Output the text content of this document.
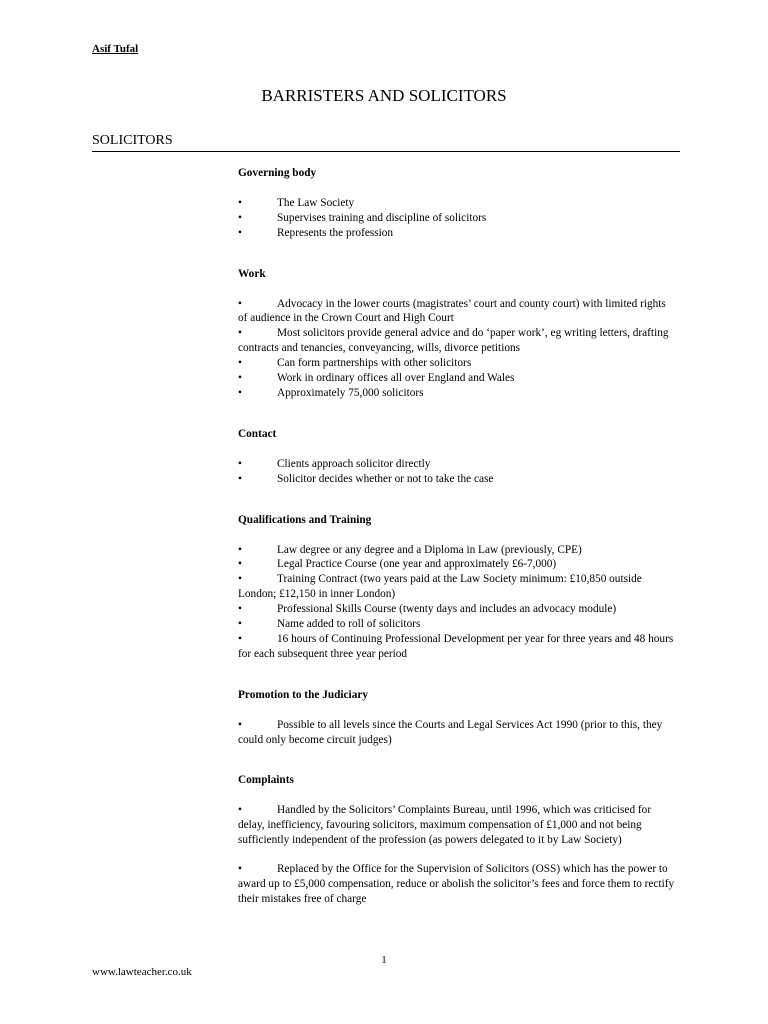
Asif Tufal
BARRISTERS AND SOLICITORS
SOLICITORS
Governing body
•	The Law Society
•	Supervises training and discipline of solicitors
•	Represents the profession
Work

•	Advocacy in the lower courts (magistrates’ court and county court) with limited rights of audience in the Crown Court and High Court

•	Most solicitors provide general advice and do ‘paper work’, eg writing letters, drafting contracts and tenancies, conveyancing, wills, divorce petitions

•	Can form partnerships with other solicitors
•	Work in ordinary offices all over England and Wales
•	Approximately 75,000 solicitors
Contact
•	Clients approach solicitor directly
•	Solicitor decides whether or not to take the case
Qualifications and Training
•	Law degree or any degree and a Diploma in Law (previously, CPE)
•	Legal Practice Course (one year and approximately £6-7,000)

•	Training Contract (two years paid at the Law Society minimum: £10,850 outside London; £12,150 in inner London)

•	Professional Skills Course (twenty days and includes an advocacy module)
•	Name added to roll of solicitors

•	16 hours of Continuing Professional Development per year for three years and 48 hours for each subsequent three year period

Promotion to the Judiciary

•	Possible to all levels since the Courts and Legal Services Act 1990 (prior to this, they could only become circuit judges)

Complaints

•	Handled by the Solicitors’ Complaints Bureau, until 1996, which was criticised for delay, inefficiency, favouring solicitors, maximum compensation of £1,000 and not being sufficiently independent of the profession (as powers delegated to it by Law Society)

•	Replaced by the Office for the Supervision of Solicitors (OSS) which has the power to award up to £5,000 compensation, reduce or abolish the solicitor’s fees and force them to rectify their mistakes free of charge

1
www.lawteacher.co.uk
